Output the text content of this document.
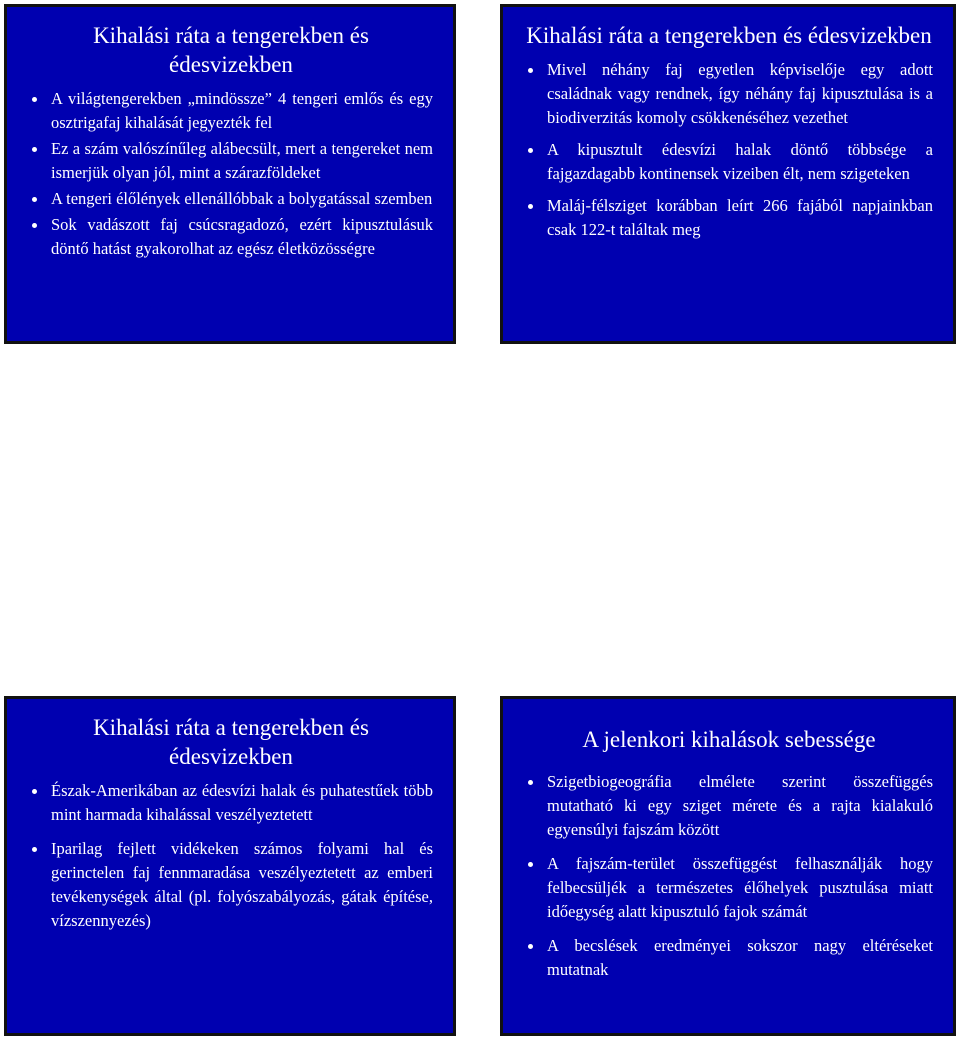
Kihalási ráta a tengerekben és édesvizekben
A világtengerekben „mindössze” 4 tengeri emlős és egy osztrigafaj kihalását jegyezték fel
Ez a szám valószínűleg alábecsült, mert a tengereket nem ismerjük olyan jól, mint a szárazföldeket
A tengeri élőlények ellenállóbbak a bolygatással szemben
Sok vadászott faj csúcsragadozó, ezért kipusztulásuk döntő hatást gyakorolhat az egész életközösségre
Kihalási ráta a tengerekben és édesvizekben
Mivel néhány faj egyetlen képviselője egy adott családnak vagy rendnek, így néhány faj kipusztulása is a biodiverzitás komoly csökkenéséhez vezethet
A kipusztult édesvízi halak döntő többsége a fajgazdagabb kontinensek vizeiben élt, nem szigeteken
Maláj-félsziget korábban leírt 266 fajából napjainkban csak 122-t találtak meg
Kihalási ráta a tengerekben és édesvizekben
Észak-Amerikában az édesvízi halak és puhatestűek több mint harmada kihalással veszélyeztetett
Iparilag fejlett vidékeken számos folyami hal és gerinctelen faj fennmaradása veszélyeztetett az emberi tevékenységek által (pl. folyószabályozás, gátak építése, vízszennyezés)
A jelenkori kihalások sebessége
Szigetbiogeográfia elmélete szerint összefüggés mutatható ki egy sziget mérete és a rajta kialakuló egyensúlyi fajszám között
A fajszám-terület összefüggést felhasználják hogy felbecsüljék a természetes élőhelyek pusztulása miatt időegység alatt kipusztuló fajok számát
A becslések eredményei sokszor nagy eltéréseket mutatnak
